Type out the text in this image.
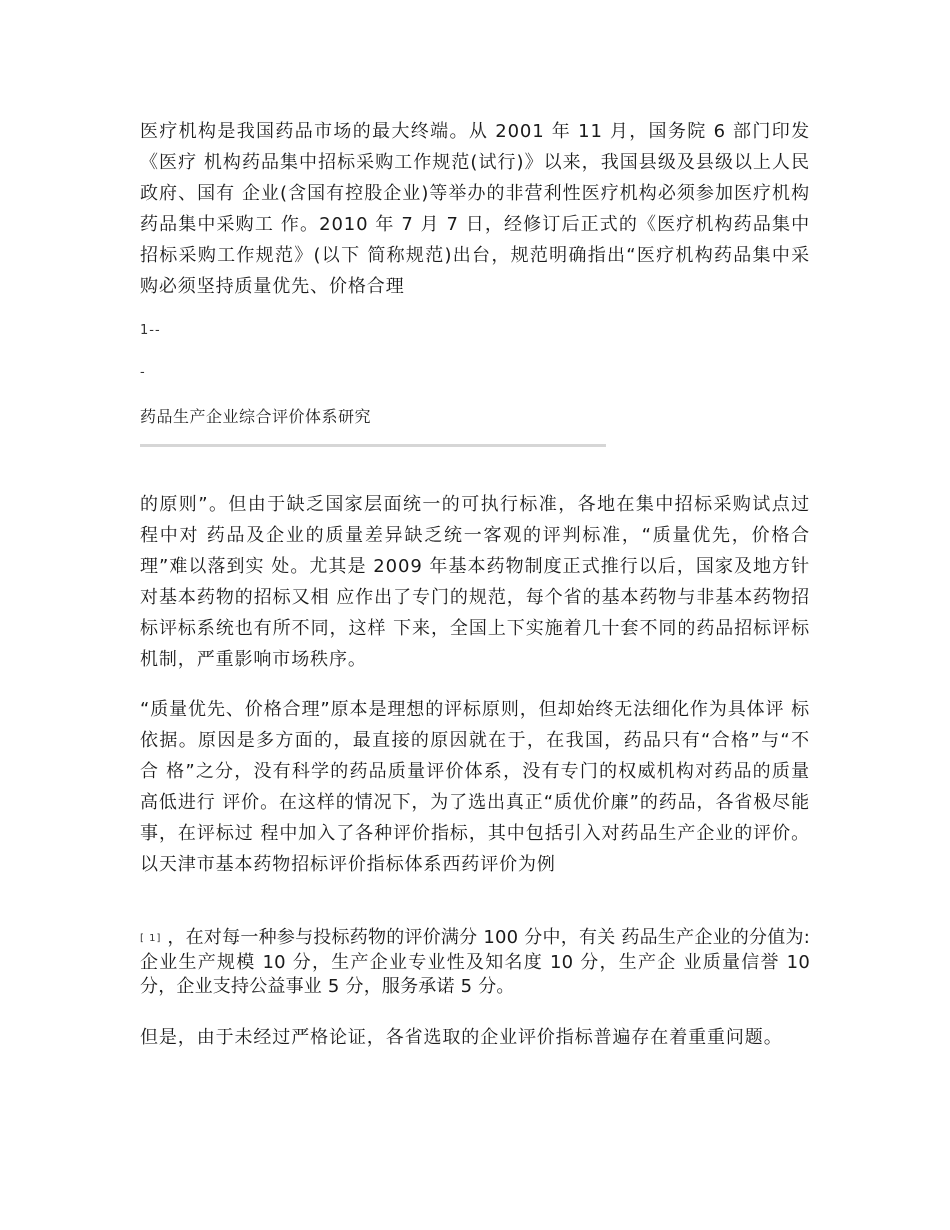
医疗机构是我国药品市场的最大终端。从 2001 年 11 月，国务院 6 部门印发《医疗 机构药品集中招标采购工作规范(试行)》以来，我国县级及县级以上人民政府、国有 企业(含国有控股企业)等举办的非营利性医疗机构必须参加医疗机构药品集中采购工 作。2010 年 7 月 7 日，经修订后正式的《医疗机构药品集中招标采购工作规范》(以下 简称规范)出台，规范明确指出“医疗机构药品集中采购必须坚持质量优先、价格合理

1--
-
药品生产企业综合评价体系研究

的原则”。但由于缺乏国家层面统一的可执行标准，各地在集中招标采购试点过程中对 药品及企业的质量差异缺乏统一客观的评判标准，“质量优先，价格合理”难以落到实 处。尤其是 2009 年基本药物制度正式推行以后，国家及地方针对基本药物的招标又相 应作出了专门的规范，每个省的基本药物与非基本药物招标评标系统也有所不同，这样 下来，全国上下实施着几十套不同的药品招标评标机制，严重影响市场秩序。

“质量优先、价格合理”原本是理想的评标原则，但却始终无法细化作为具体评 标依据。原因是多方面的，最直接的原因就在于，在我国，药品只有“合格”与“不合 格”之分，没有科学的药品质量评价体系，没有专门的权威机构对药品的质量高低进行 评价。在这样的情况下，为了选出真正“质优价廉”的药品，各省极尽能事，在评标过 程中加入了各种评价指标，其中包括引入对药品生产企业的评价。以天津市基本药物招标评价指标体系西药评价为例

[ 1] ，在对每一种参与投标药物的评价满分 100 分中，有关 药品生产企业的分值为:企业生产规模 10 分，生产企业专业性及知名度 10 分，生产企 业质量信誉 10 分，企业支持公益事业 5 分，服务承诺 5 分。

但是，由于未经过严格论证，各省选取的企业评价指标普遍存在着重重问题。
